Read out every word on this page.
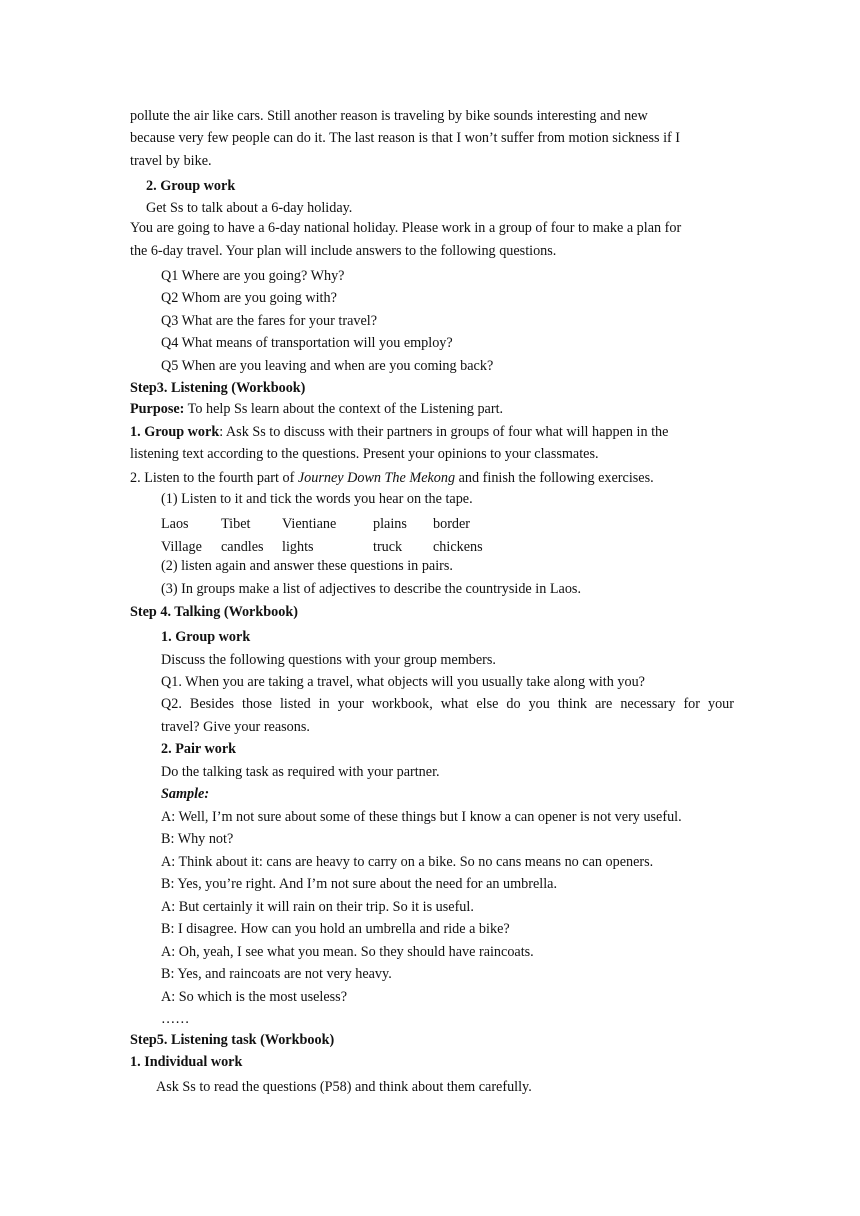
pollute the air like cars. Still another reason is traveling by bike sounds interesting and new
because very few people can do it. The last reason is that I won’t suffer from motion sickness if I
travel by bike.
2. Group work
Get Ss to talk about a 6-day holiday.
You are going to have a 6-day national holiday. Please work in a group of four to make a plan for
the 6-day travel. Your plan will include answers to the following questions.
Q1 Where are you going? Why?
Q2 Whom are you going with?
Q3 What are the fares for your travel?
Q4 What means of transportation will you employ?
Q5 When are you leaving and when are you coming back?
Step3. Listening (Workbook)
Purpose: To help Ss learn about the context of the Listening part.
1. Group work: Ask Ss to discuss with their partners in groups of four what will happen in the
listening text according to the questions. Present your opinions to your classmates.
2. Listen to the fourth part of Journey Down The Mekong and finish the following exercises.
(1) Listen to it and tick the words you hear on the tape.
Laos Tibet Vientiane	plains border
Village candles lights	truck chickens
(2) listen again and answer these questions in pairs.
(3) In groups make a list of adjectives to describe the countryside in Laos.
Step 4. Talking (Workbook)
1. Group work
Discuss the following questions with your group members.
Q1. When you are taking a travel, what objects will you usually take along with you?
Q2. Besides those listed in your workbook, what else do you think are necessary for your
travel? Give your reasons.
2. Pair work
Do the talking task as required with your partner.
Sample:
A: Well, I’m not sure about some of these things but I know a can opener is not very useful.
B: Why not?
A: Think about it: cans are heavy to carry on a bike. So no cans means no can openers.
B: Yes, you’re right. And I’m not sure about the need for an umbrella.
A: But certainly it will rain on their trip. So it is useful.
B: I disagree. How can you hold an umbrella and ride a bike?
A: Oh, yeah, I see what you mean. So they should have raincoats.
B: Yes, and raincoats are not very heavy.
A: So which is the most useless?
……
Step5. Listening task (Workbook)
1. Individual work
Ask Ss to read the questions (P58) and think about them carefully.
